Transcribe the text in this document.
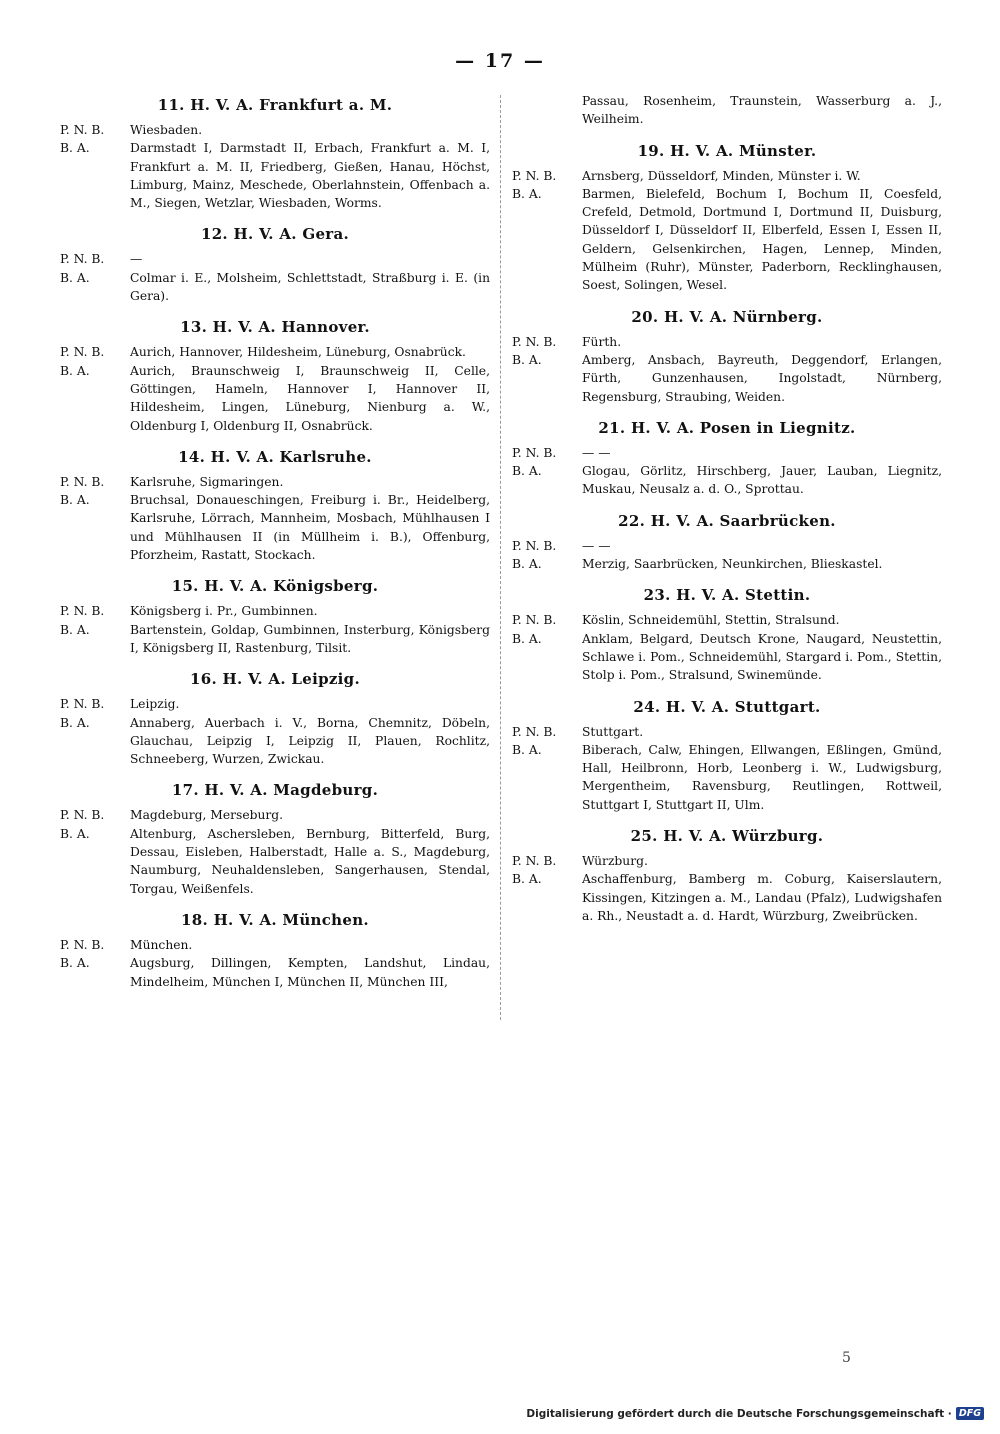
— 17 —
11. H. V. A. Frankfurt a. M.
P. N. B.	Wiesbaden.
B. A.	Darmstadt I, Darmstadt II, Erbach, Frankfurt a. M. I, Frankfurt a. M. II, Friedberg, Gießen, Hanau, Höchst, Limburg, Mainz, Meschede, Oberlahnstein, Offenbach a. M., Siegen, Wetzlar, Wiesbaden, Worms.
12. H. V. A. Gera.
P. N. B.	—
B. A.	Colmar i. E., Molsheim, Schlettstadt, Straßburg i. E. (in Gera).
13. H. V. A. Hannover.
P. N. B.	Aurich, Hannover, Hildesheim, Lüneburg, Osnabrück.
B. A.	Aurich, Braunschweig I, Braunschweig II, Celle, Göttingen, Hameln, Hannover I, Hannover II, Hildesheim, Lingen, Lüneburg, Nienburg a. W., Oldenburg I, Oldenburg II, Osnabrück.
14. H. V. A. Karlsruhe.
P. N. B.	Karlsruhe, Sigmaringen.
B. A.	Bruchsal, Donaueschingen, Freiburg i. Br., Heidelberg, Karlsruhe, Lörrach, Mannheim, Mosbach, Mühlhausen I und Mühlhausen II (in Müllheim i. B.), Offenburg, Pforzheim, Rastatt, Stockach.
15. H. V. A. Königsberg.
P. N. B.	Königsberg i. Pr., Gumbinnen.
B. A.	Bartenstein, Goldap, Gumbinnen, Insterburg, Königsberg I, Königsberg II, Rastenburg, Tilsit.
16. H. V. A. Leipzig.
P. N. B.	Leipzig.
B. A.	Annaberg, Auerbach i. V., Borna, Chemnitz, Döbeln, Glauchau, Leipzig I, Leipzig II, Plauen, Rochlitz, Schneeberg, Wurzen, Zwickau.
17. H. V. A. Magdeburg.
P. N. B.	Magdeburg, Merseburg.
B. A.	Altenburg, Aschersleben, Bernburg, Bitterfeld, Burg, Dessau, Eisleben, Halberstadt, Halle a. S., Magdeburg, Naumburg, Neuhaldensleben, Sangerhausen, Stendal, Torgau, Weißenfels.
18. H. V. A. München.
P. N. B.	München.
B. A.	Augsburg, Dillingen, Kempten, Landshut, Lindau, Mindelheim, München I, München II, München III,
Passau, Rosenheim, Traunstein, Wasserburg a. J., Weilheim.
19. H. V. A. Münster.
P. N. B.	Arnsberg, Düsseldorf, Minden, Münster i. W.
B. A.	Barmen, Bielefeld, Bochum I, Bochum II, Coesfeld, Crefeld, Detmold, Dortmund I, Dortmund II, Duisburg, Düsseldorf I, Düsseldorf II, Elberfeld, Essen I, Essen II, Geldern, Gelsenkirchen, Hagen, Lennep, Minden, Mülheim (Ruhr), Münster, Paderborn, Recklinghausen, Soest, Solingen, Wesel.
20. H. V. A. Nürnberg.
P. N. B.	Fürth.
B. A.	Amberg, Ansbach, Bayreuth, Deggendorf, Erlangen, Fürth, Gunzenhausen, Ingolstadt, Nürnberg, Regensburg, Straubing, Weiden.
21. H. V. A. Posen in Liegnitz.
P. N. B.	— —
B. A.	Glogau, Görlitz, Hirschberg, Jauer, Lauban, Liegnitz, Muskau, Neusalz a. d. O., Sprottau.
22. H. V. A. Saarbrücken.
P. N. B.	— —
B. A.	Merzig, Saarbrücken, Neunkirchen, Blieskastel.
23. H. V. A. Stettin.
P. N. B.	Köslin, Schneidemühl, Stettin, Stralsund.
B. A.	Anklam, Belgard, Deutsch Krone, Naugard, Neustettin, Schlawe i. Pom., Schneidemühl, Stargard i. Pom., Stettin, Stolp i. Pom., Stralsund, Swinemünde.
24. H. V. A. Stuttgart.
P. N. B.	Stuttgart.
B. A.	Biberach, Calw, Ehingen, Ellwangen, Eßlingen, Gmünd, Hall, Heilbronn, Horb, Leonberg i. W., Ludwigsburg, Mergentheim, Ravensburg, Reutlingen, Rottweil, Stuttgart I, Stuttgart II, Ulm.
25. H. V. A. Würzburg.
P. N. B.	Würzburg.
B. A.	Aschaffenburg, Bamberg m. Coburg, Kaiserslautern, Kissingen, Kitzingen a. M., Landau (Pfalz), Ludwigshafen a. Rh., Neustadt a. d. Hardt, Würzburg, Zweibrücken.
5
Digitalisierung gefördert durch die Deutsche Forschungsgemeinschaft · DFG
